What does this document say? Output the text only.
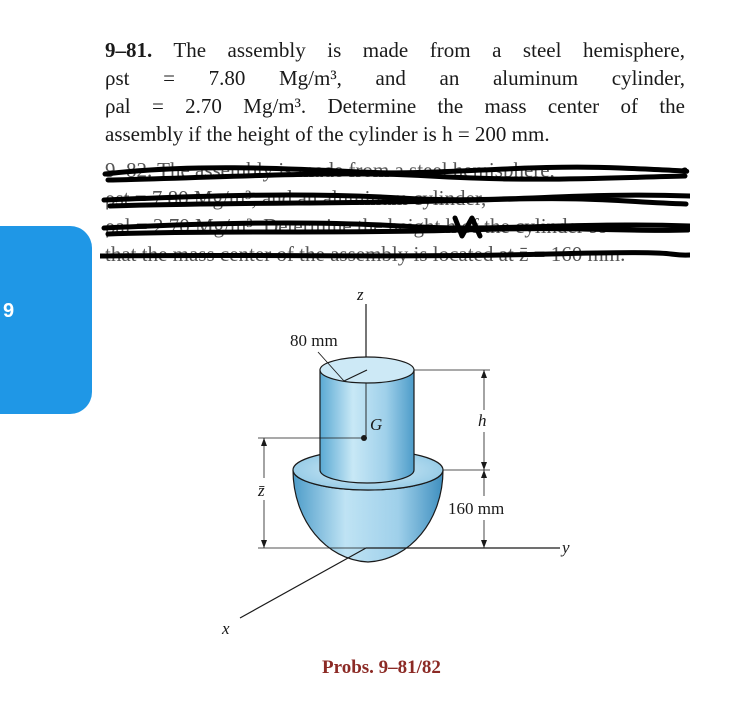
9
9–81. The assembly is made from a steel hemisphere,
ρst = 7.80 Mg/m³, and an aluminum cylinder,
ρal = 2.70 Mg/m³. Determine the mass center of the
assembly if the height of the cylinder is h = 200 mm.
9–82. The assembly is made from a steel hemisphere,
ρst = 7.80 Mg/m³, and an aluminum cylinder,
ρal = 2.70 Mg/m³. Determine the height h of the cylinder so
that the mass center of the assembly is located at z̄ = 160 mm.
z
80 mm
G	h
160 mm
z̄
y
x
Probs. 9–81/82
